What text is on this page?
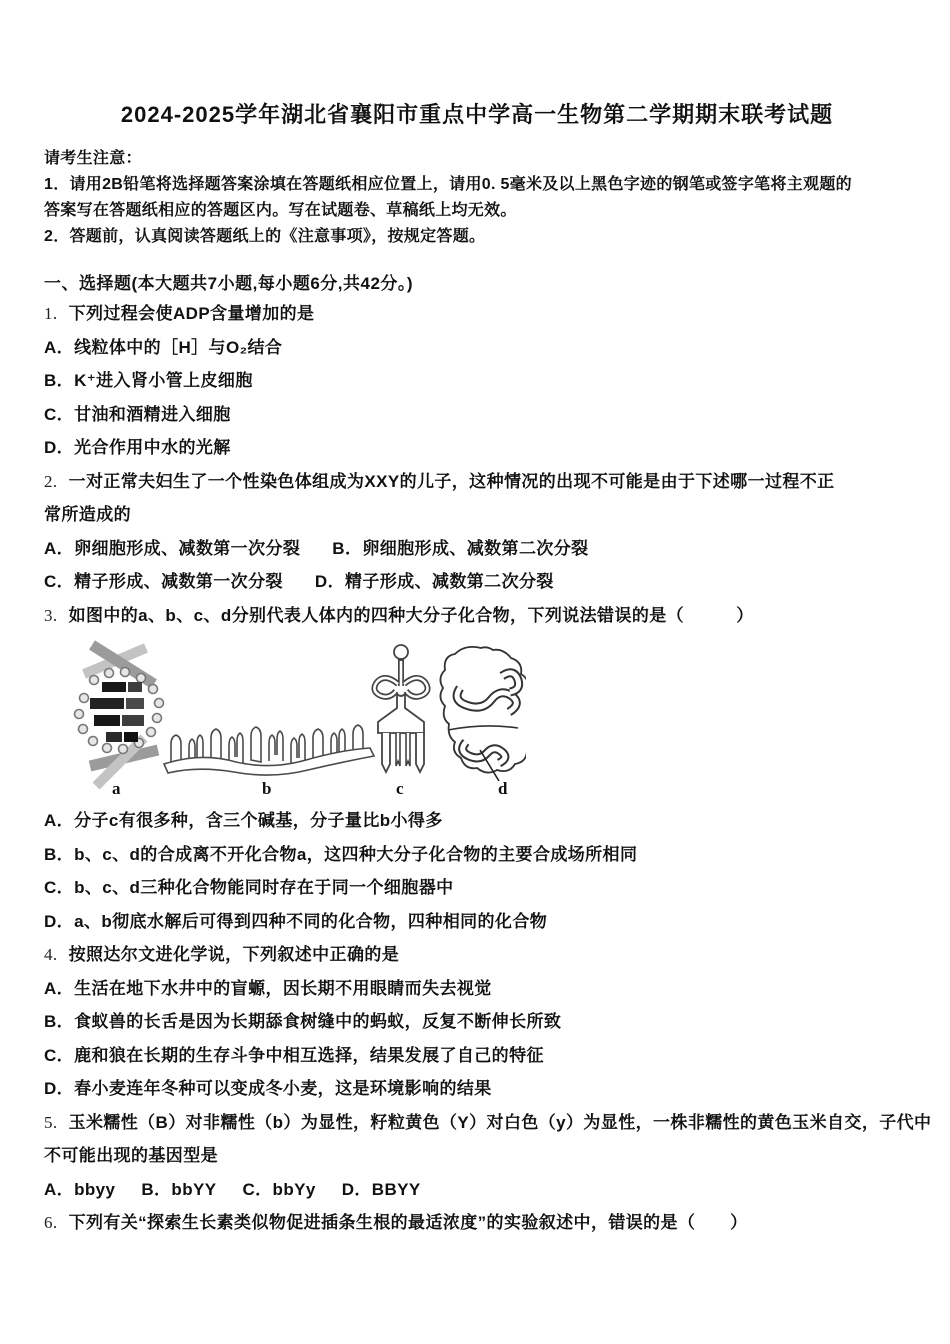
2024-2025学年湖北省襄阳市重点中学高一生物第二学期期末联考试题

请考生注意：

1．请用2B铅笔将选择题答案涂填在答题纸相应位置上，请用0. 5毫米及以上黑色字迹的钢笔或签字笔将主观题的

答案写在答题纸相应的答题区内。写在试题卷、草稿纸上均无效。

2．答题前，认真阅读答题纸上的《注意事项》，按规定答题。

一、选择题(本大题共7小题,每小题6分,共42分。)

1. 下列过程会使ADP含量增加的是

A．线粒体中的［H］与O₂结合

B．K⁺进入肾小管上皮细胞

C．甘油和酒精进入细胞

D．光合作用中水的光解

2. 一对正常夫妇生了一个性染色体组成为XXY的儿子，这种情况的出现不可能是由于下述哪一过程不正

常所造成的

A．卵细胞形成、减数第一次分裂 B．卵细胞形成、减数第二次分裂

C．精子形成、减数第一次分裂 D．精子形成、减数第二次分裂

3. 如图中的a、b、c、d分别代表人体内的四种大分子化合物，下列说法错误的是（　　　）

a	b	c	d

A．分子c有很多种，含三个碱基，分子量比b小得多

B．b、c、d的合成离不开化合物a，这四种大分子化合物的主要合成场所相同

C．b、c、d三种化合物能同时存在于同一个细胞器中

D．a、b彻底水解后可得到四种不同的化合物，四种相同的化合物

4. 按照达尔文进化学说，下列叙述中正确的是

A．生活在地下水井中的盲螈，因长期不用眼睛而失去视觉

B．食蚁兽的长舌是因为长期舔食树缝中的蚂蚁，反复不断伸长所致

C．鹿和狼在长期的生存斗争中相互选择，结果发展了自己的特征

D．春小麦连年冬种可以变成冬小麦，这是环境影响的结果

5. 玉米糯性（B）对非糯性（b）为显性，籽粒黄色（Y）对白色（y）为显性，一株非糯性的黄色玉米自交，子代中

不可能出现的基因型是

A．bbyy B．bbYY C．bbYy D．BBYY

6. 下列有关“探索生长素类似物促进插条生根的最适浓度”的实验叙述中，错误的是（　　）
